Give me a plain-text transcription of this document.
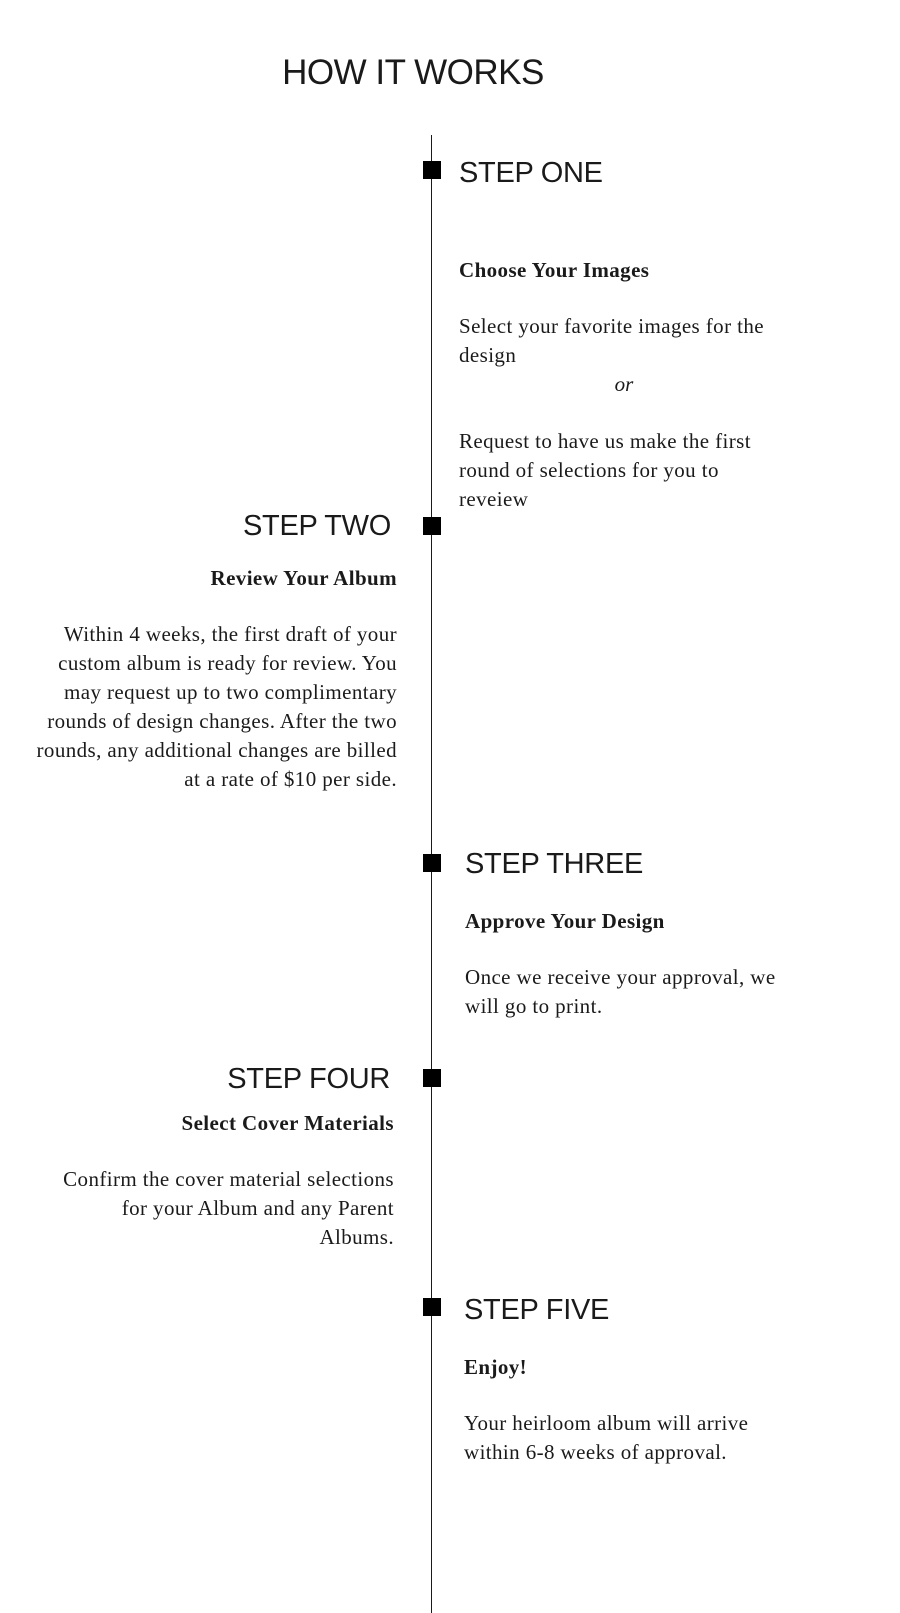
HOW IT WORKS
STEP ONE

Choose Your Images

Select your favorite images for the design

or

Request to have us make the first round of selections for you to reveiew

STEP TWO

Review Your Album

Within 4 weeks, the first draft of your custom album is ready for review. You may request up to two complimentary rounds of design changes. After the two rounds, any additional changes are billed at a rate of $10 per side.

STEP THREE

Approve Your Design

Once we receive your approval, we will go to print.

STEP FOUR

Select Cover Materials

Confirm the cover material selections for your Album and any Parent Albums.

STEP FIVE

Enjoy!

Your heirloom album will arrive within 6-8 weeks of approval.
